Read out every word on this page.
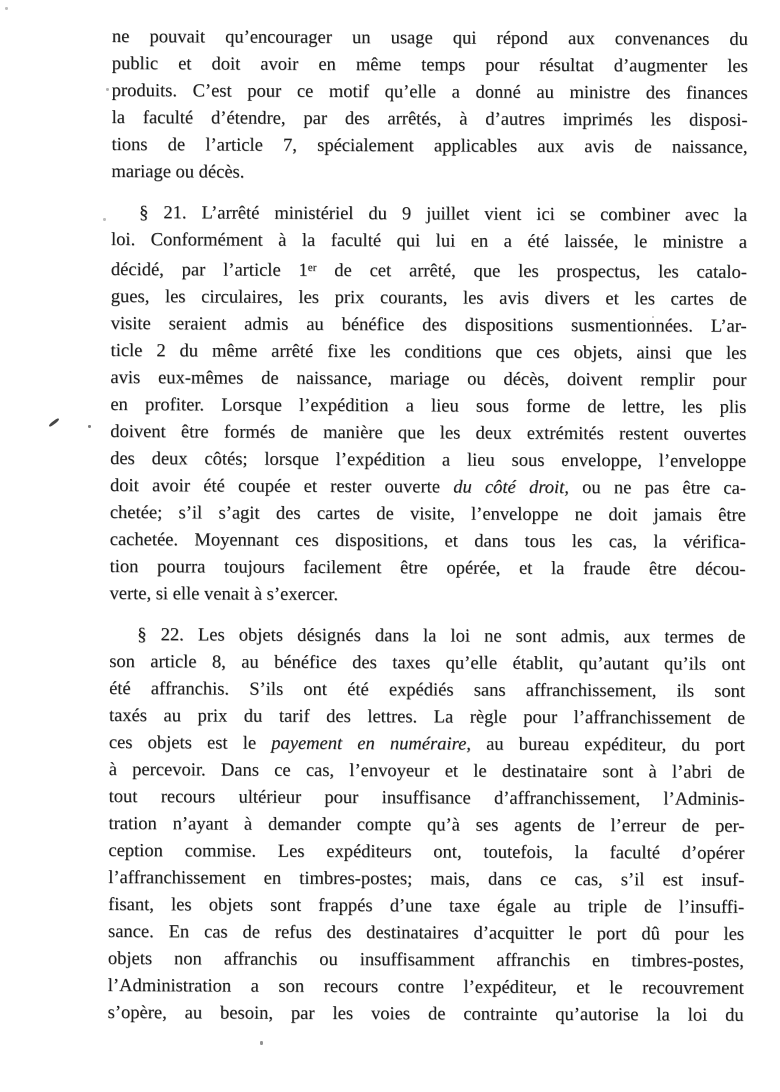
ne pouvait qu’encourager un usage qui répond aux convenances du
public et doit avoir en même temps pour résultat d’augmenter les
produits. C’est pour ce motif qu’elle a donné au ministre des finances
la faculté d’étendre, par des arrêtés, à d’autres imprimés les disposi-
tions de l’article 7, spécialement applicables aux avis de naissance,
mariage ou décès.
§ 21. L’arrêté ministériel du 9 juillet vient ici se combiner avec la
loi. Conformément à la faculté qui lui en a été laissée, le ministre a
décidé, par l’article 1er de cet arrêté, que les prospectus, les catalo-
gues, les circulaires, les prix courants, les avis divers et les cartes de
visite seraient admis au bénéfice des dispositions susmentionnées. L’ar-
ticle 2 du même arrêté fixe les conditions que ces objets, ainsi que les
avis eux-mêmes de naissance, mariage ou décès, doivent remplir pour
en profiter. Lorsque l’expédition a lieu sous forme de lettre, les plis
doivent être formés de manière que les deux extrémités restent ouvertes
des deux côtés; lorsque l’expédition a lieu sous enveloppe, l’enveloppe
doit avoir été coupée et rester ouverte du côté droit, ou ne pas être ca-
chetée; s’il s’agit des cartes de visite, l’enveloppe ne doit jamais être
cachetée. Moyennant ces dispositions, et dans tous les cas, la vérifica-
tion pourra toujours facilement être opérée, et la fraude être décou-
verte, si elle venait à s’exercer.
§ 22. Les objets désignés dans la loi ne sont admis, aux termes de
son article 8, au bénéfice des taxes qu’elle établit, qu’autant qu’ils ont
été affranchis. S’ils ont été expédiés sans affranchissement, ils sont
taxés au prix du tarif des lettres. La règle pour l’affranchissement de
ces objets est le payement en numéraire, au bureau expéditeur, du port
à percevoir. Dans ce cas, l’envoyeur et le destinataire sont à l’abri de
tout recours ultérieur pour insuffisance d’affranchissement, l’Adminis-
tration n’ayant à demander compte qu’à ses agents de l’erreur de per-
ception commise. Les expéditeurs ont, toutefois, la faculté d’opérer
l’affranchissement en timbres-postes; mais, dans ce cas, s’il est insuf-
fisant, les objets sont frappés d’une taxe égale au triple de l’insuffi-
sance. En cas de refus des destinataires d’acquitter le port dû pour les
objets non affranchis ou insuffisamment affranchis en timbres-postes,
l’Administration a son recours contre l’expéditeur, et le recouvrement
s’opère, au besoin, par les voies de contrainte qu’autorise la loi du
